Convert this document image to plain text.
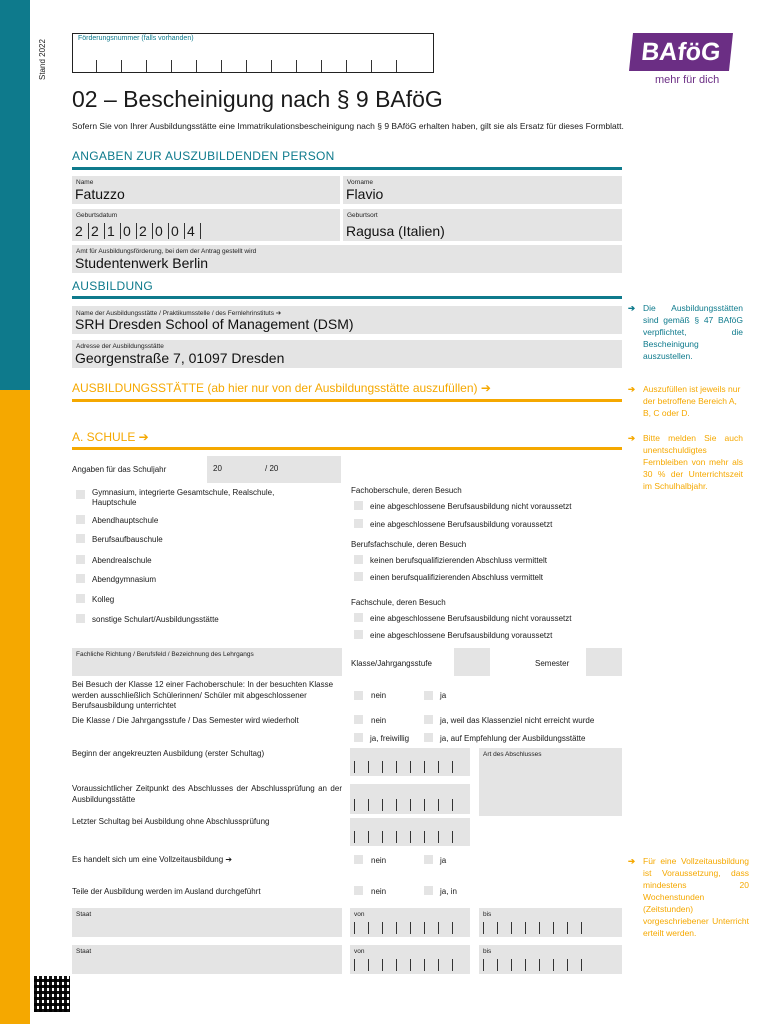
Stand 2022
Förderungsnummer (falls vorhanden)	BAföG
mehr für dich
02 – Bescheinigung nach § 9 BAföG
Sofern Sie von Ihrer Ausbildungsstätte eine Immatrikulationsbescheinigung nach § 9 BAföG erhalten haben, gilt sie als Ersatz für dieses Formblatt.
ANGABEN ZUR AUSZUBILDENDEN PERSON
Name
Fatuzzo
Vorname
Flavio
Geburtsdatum
2 2 1 0 2 0 0 4
Geburtsort
Ragusa (Italien)
Amt für Ausbildungsförderung, bei dem der Antrag gestellt wird
Studentenwerk Berlin
AUSBILDUNG
Name der Ausbildungsstätte / Praktikumsstelle / des Fernlehrinstituts ➔
SRH Dresden School of Management (DSM)
Adresse der Ausbildungsstätte
Georgenstraße 7, 01097 Dresden
AUSBILDUNGSSTÄTTE (ab hier nur von der Ausbildungsstätte auszufüllen) ➔
A. SCHULE ➔
Angaben für das Schuljahr	20	/ 20
Gymnasium, integrierte Gesamtschule, Realschule, Hauptschule
Abendhauptschule
Berufsaufbauschule
Abendrealschule
Abendgymnasium
Kolleg
sonstige Schulart/Ausbildungsstätte
Fachoberschule, deren Besuch
eine abgeschlossene Berufsausbildung nicht voraussetzt
eine abgeschlossene Berufsausbildung voraussetzt
Berufsfachschule, deren Besuch
keinen berufsqualifizierenden Abschluss vermittelt
einen berufsqualifizierenden Abschluss vermittelt
Fachschule, deren Besuch
eine abgeschlossene Berufsausbildung nicht voraussetzt
eine abgeschlossene Berufsausbildung voraussetzt
Fachliche Richtung / Berufsfeld / Bezeichnung des Lehrgangs
Klasse/Jahrgangsstufe	Semester
Bei Besuch der Klasse 12 einer Fachoberschule: In der besuchten Klasse werden ausschließlich Schülerinnen/ Schüler mit abgeschlossener Berufsausbildung unterrichtet
nein	ja
Die Klasse / Die Jahrgangsstufe / Das Semester wird wiederholt	nein	ja, weil das Klassenziel nicht erreicht wurde
ja, freiwillig	ja, auf Empfehlung der Ausbildungsstätte
Beginn der angekreuzten Ausbildung (erster Schultag)	Art des Abschlusses
Voraussichtlicher Zeitpunkt des Abschlusses der Abschlussprüfung an der Ausbildungsstätte
Letzter Schultag bei Ausbildung ohne Abschlussprüfung
Es handelt sich um eine Vollzeitausbildung ➔	nein	ja
Teile der Ausbildung werden im Ausland durchgeführt	nein	ja, in
Staat	von	bis
Staat	von	bis
➔ Die Ausbildungsstätten sind gemäß § 47 BAföG verpflichtet, die Bescheinigung auszustellen.
➔ Auszufüllen ist jeweils nur der betroffene Bereich A, B, C oder D.
➔ Bitte melden Sie auch unentschuldigtes Fernbleiben von mehr als 30 % der Unterrichtszeit im Schulhalbjahr.
➔ Für eine Vollzeitausbildung ist Voraussetzung, dass mindestens 20 Wochenstunden (Zeitstunden) vorgeschriebener Unterricht erteilt werden.
